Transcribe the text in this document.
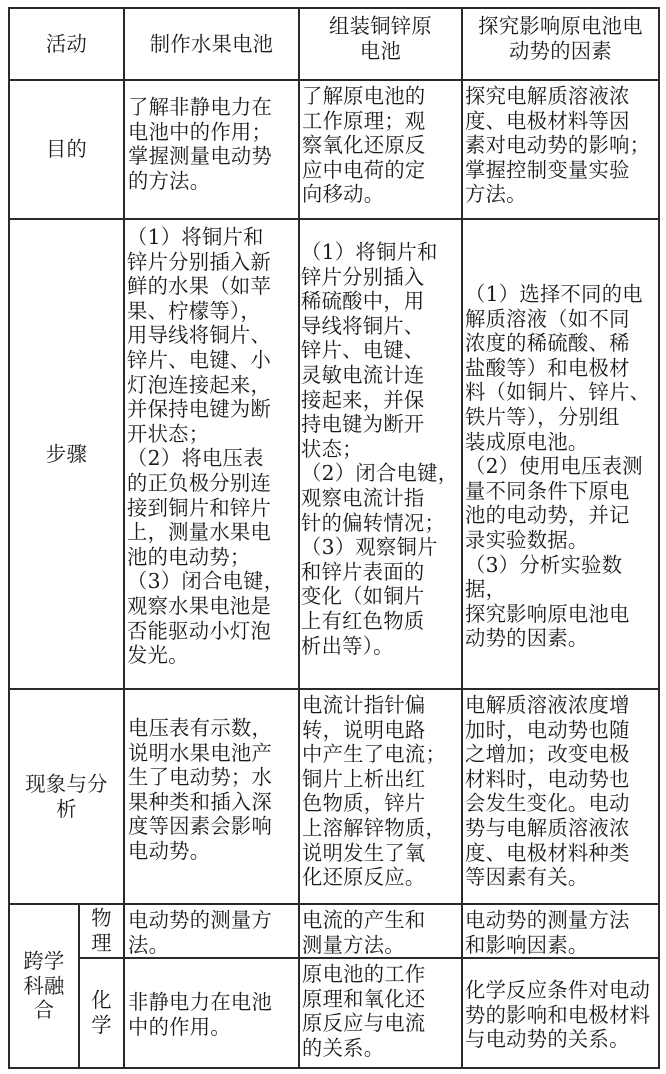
活动	制作水果电池
组装铜锌原
电池
探究影响原电池电
动势的因素
目的
了解非静电力在
电池中的作用；
掌握测量电动势
的方法。
了解原电池的
工作原理；观
察氧化还原反
应中电荷的定
向移动。
探究电解质溶液浓
度、电极材料等因
素对电动势的影响；
掌握控制变量实验
方法。
步骤
（1）将铜片和
锌片分别插入新
鲜的水果（如苹
果、柠檬等），
用导线将铜片、
锌片、电键、小
灯泡连接起来，
并保持电键为断
开状态；
（2）将电压表
的正负极分别连
接到铜片和锌片
上，测量水果电
池的电动势；
（3）闭合电键，
观察水果电池是
否能驱动小灯泡
发光。
（1）将铜片和
锌片分别插入
稀硫酸中，用
导线将铜片、
锌片、电键、
灵敏电流计连
接起来，并保
持电键为断开
状态；
（2）闭合电键，
观察电流计指
针的偏转情况；
（3）观察铜片
和锌片表面的
变化（如铜片
上有红色物质
析出等）。
（1）选择不同的电
解质溶液（如不同
浓度的稀硫酸、稀
盐酸等）和电极材
料（如铜片、锌片、
铁片等），分别组
装成原电池。
（2）使用电压表测
量不同条件下原电
池的电动势，并记
录实验数据。
（3）分析实验数据，
探究影响原电池电
动势的因素。
现象与分
析
电压表有示数，
说明水果电池产
生了电动势；水
果种类和插入深
度等因素会影响
电动势。
电流计指针偏
转，说明电路
中产生了电流；
铜片上析出红
色物质，锌片
上溶解锌物质，
说明发生了氧
化还原反应。
电解质溶液浓度增
加时，电动势也随
之增加；改变电极
材料时，电动势也
会发生变化。电动
势与电解质溶液浓
度、电极材料种类
等因素有关。
跨学
科融
合
物
理
电动势的测量方
法。
电流的产生和
测量方法。
电动势的测量方法
和影响因素。
化
学
非静电力在电池
中的作用。
原电池的工作
原理和氧化还
原反应与电流
的关系。
化学反应条件对电动
势的影响和电极材料
与电动势的关系。
